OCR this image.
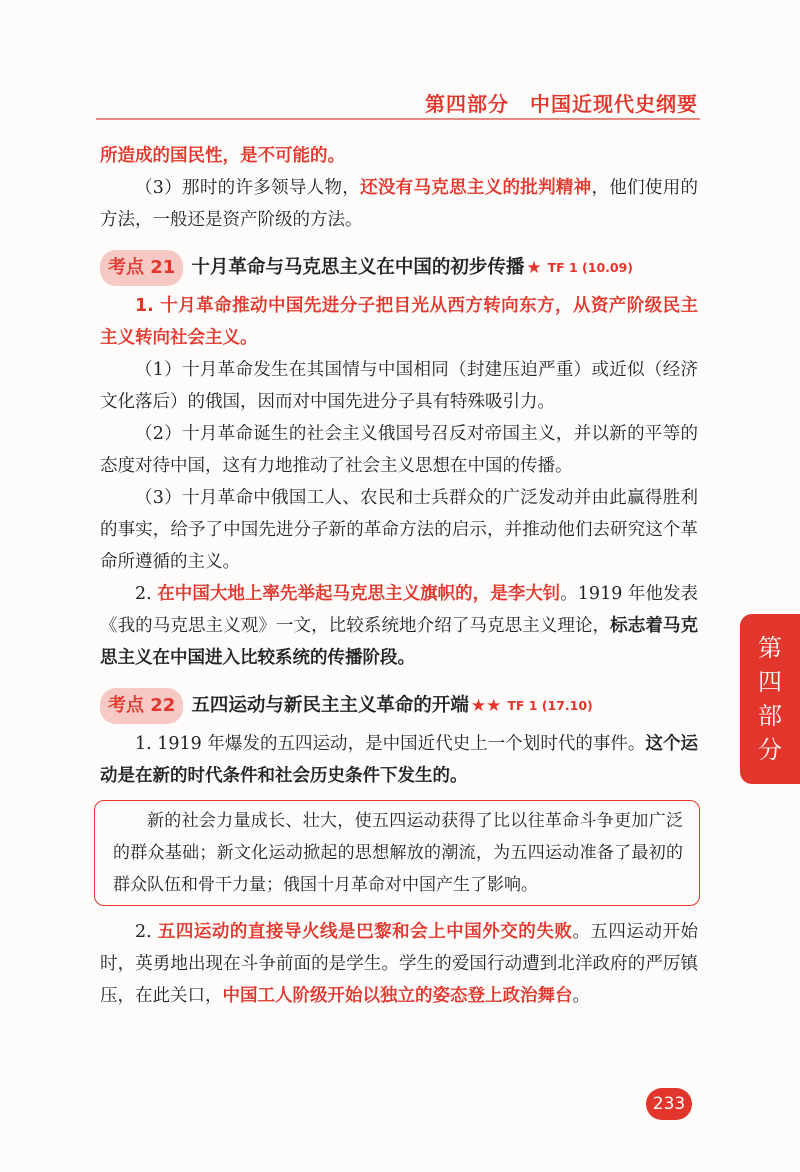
第四部分　中国近现代史纲要

所造成的国民性，是不可能的。

（3）那时的许多领导人物，还没有马克思主义的批判精神，他们使用的方法，一般还是资产阶级的方法。

考点 21 十月革命与马克思主义在中国的初步传播 ★ TF 1 (10.09)

1. 十月革命推动中国先进分子把目光从西方转向东方，从资产阶级民主主义转向社会主义。

（1）十月革命发生在其国情与中国相同（封建压迫严重）或近似（经济文化落后）的俄国，因而对中国先进分子具有特殊吸引力。

（2）十月革命诞生的社会主义俄国号召反对帝国主义，并以新的平等的态度对待中国，这有力地推动了社会主义思想在中国的传播。

（3）十月革命中俄国工人、农民和士兵群众的广泛发动并由此赢得胜利的事实，给予了中国先进分子新的革命方法的启示，并推动他们去研究这个革命所遵循的主义。

2. 在中国大地上率先举起马克思主义旗帜的，是李大钊。1919 年他发表《我的马克思主义观》一文，比较系统地介绍了马克思主义理论，标志着马克思主义在中国进入比较系统的传播阶段。

考点 22 五四运动与新民主主义革命的开端 ★★ TF 1 (17.10)

1. 1919 年爆发的五四运动，是中国近代史上一个划时代的事件。这个运动是在新的时代条件和社会历史条件下发生的。

新的社会力量成长、壮大，使五四运动获得了比以往革命斗争更加广泛的群众基础；新文化运动掀起的思想解放的潮流，为五四运动准备了最初的群众队伍和骨干力量；俄国十月革命对中国产生了影响。

2. 五四运动的直接导火线是巴黎和会上中国外交的失败。五四运动开始时，英勇地出现在斗争前面的是学生。学生的爱国行动遭到北洋政府的严厉镇压，在此关口，中国工人阶级开始以独立的姿态登上政治舞台。

第
四
部
分
233
